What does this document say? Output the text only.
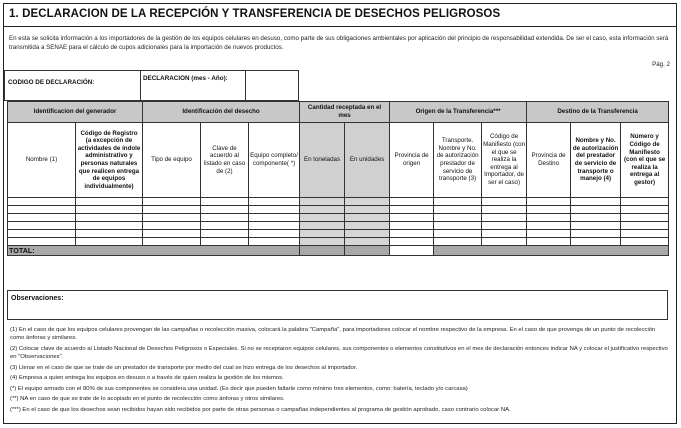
1. DECLARACION DE LA RECEPCIÓN Y TRANSFERENCIA DE DESECHOS PELIGROSOS
En esta se solicita información a los importadores de la gestión de los equipos celulares en desuso, como parte de sus obligaciones ambientales por aplicación del principio de responsabilidad extendida. De ser el caso, esta información será transmitida a SENAE para el cálculo de cupos adicionales para la importación de nuevos productos.
Pág. 2
CODIGO DE DECLARACIÓN:
DECLARACION (mes - Año):
Identificacion del generador		Identificación del desecho			Cantidad receptada en el mes		Origen de la Transferencia***			Destino de la Transferencia		
Nombre (1)	Código de Registro (a excepción de actividades de índole administrativo y personas naturales que realicen entrega de equipos individualmente)	Tipo de equipo	Clave de acuerdo al listado en caso de (2)	Equipo completo/ componente( *)	En toneladas	En unidades	Provincia de origen	Transporte. Nombre y No. de autorización prestador de servicio de transporte (3)	Código de Manifiesto (con el que se realiza la entrega al Importador, de ser el caso)	Provincia de Destino	Nombre y No. de autorización del prestador de servicio de transporte o manejo (4)	Número y Código de Manifiesto (con el que se realiza la entrega al gestor)

TOTAL:												
Observaciones:

(1) En el caso de que los equipos celulares provengan de las campañas o recolección masiva, colocará la palabra "Campaña", para importadores colocar el nombre respectivo de la empresa. En el caso de que provenga de un punto de recolección como ánforas y similares.

(2) Colocar clave de acuerdo al Listado Nacional de Desechos Peligrosos o Especiales. Si no se receptaron equipos celulares, sus componentes o elementos constitutivos en el mes de declaración entonces indicar NA y colocar el justificativo respectivo en "Observaciones".

(3) Llenar en el caso de que se trate de un prestador de transporte por medio del cual se hizo entrega de los desechos al importador.

(4) Empresa a quien entrega los equipos en desuso o a través de quien realiza la gestión de los mismos.

(*) El equipo armado con el 80% de sus componentes se considera una unidad. (Es decir que pueden faltarle como mínimo tres elementos, como: batería, teclado y/o carcasa)

(**) NA en caso de que se trate de lo acopiado en el punto de recolección como ánforas y otros similares.

(***) En el caso de que los desechos sean recibidos hayan sido recibidos por parte de otras personas o campañas independientes al programa de gestión aprobado, caso contrario colocar NA.
